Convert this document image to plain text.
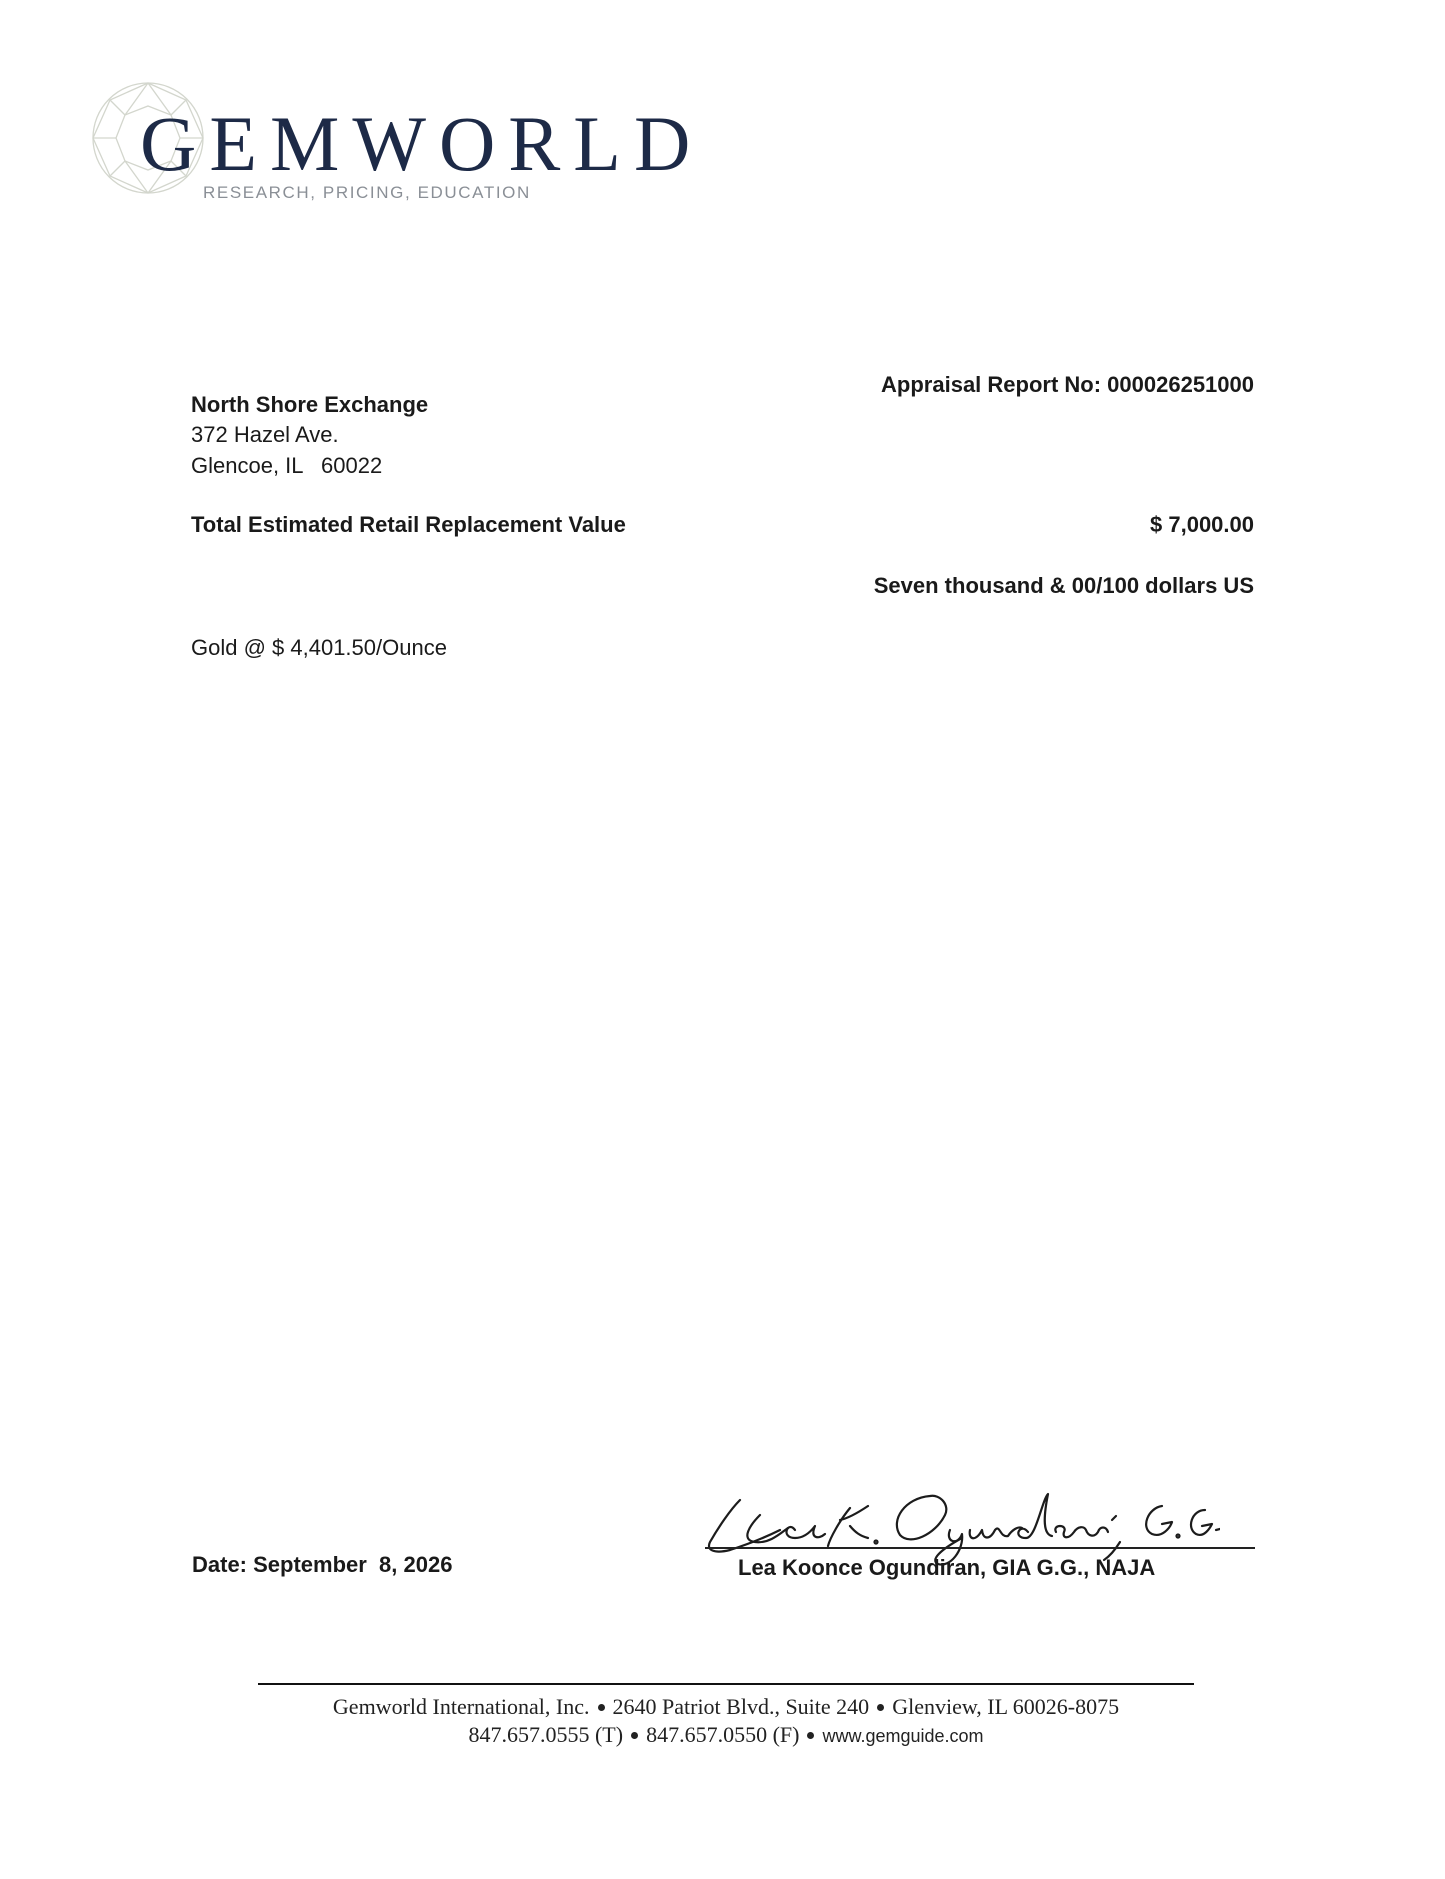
GEMWORLD
RESEARCH, PRICING, EDUCATION
North Shore Exchange
372 Hazel Ave.
Glencoe, IL   60022
Appraisal Report No: 000026251000
Total Estimated Retail Replacement Value	$ 7,000.00
Seven thousand & 00/100 dollars US
Gold @ $ 4,401.50/Ounce
Date: September  8, 2026	Lea Koonce Ogundiran, GIA G.G., NAJA
Gemworld International, Inc. 2640 Patriot Blvd., Suite 240 Glenview, IL 60026-8075
847.657.0555 (T) 847.657.0550 (F) www.gemguide.com
